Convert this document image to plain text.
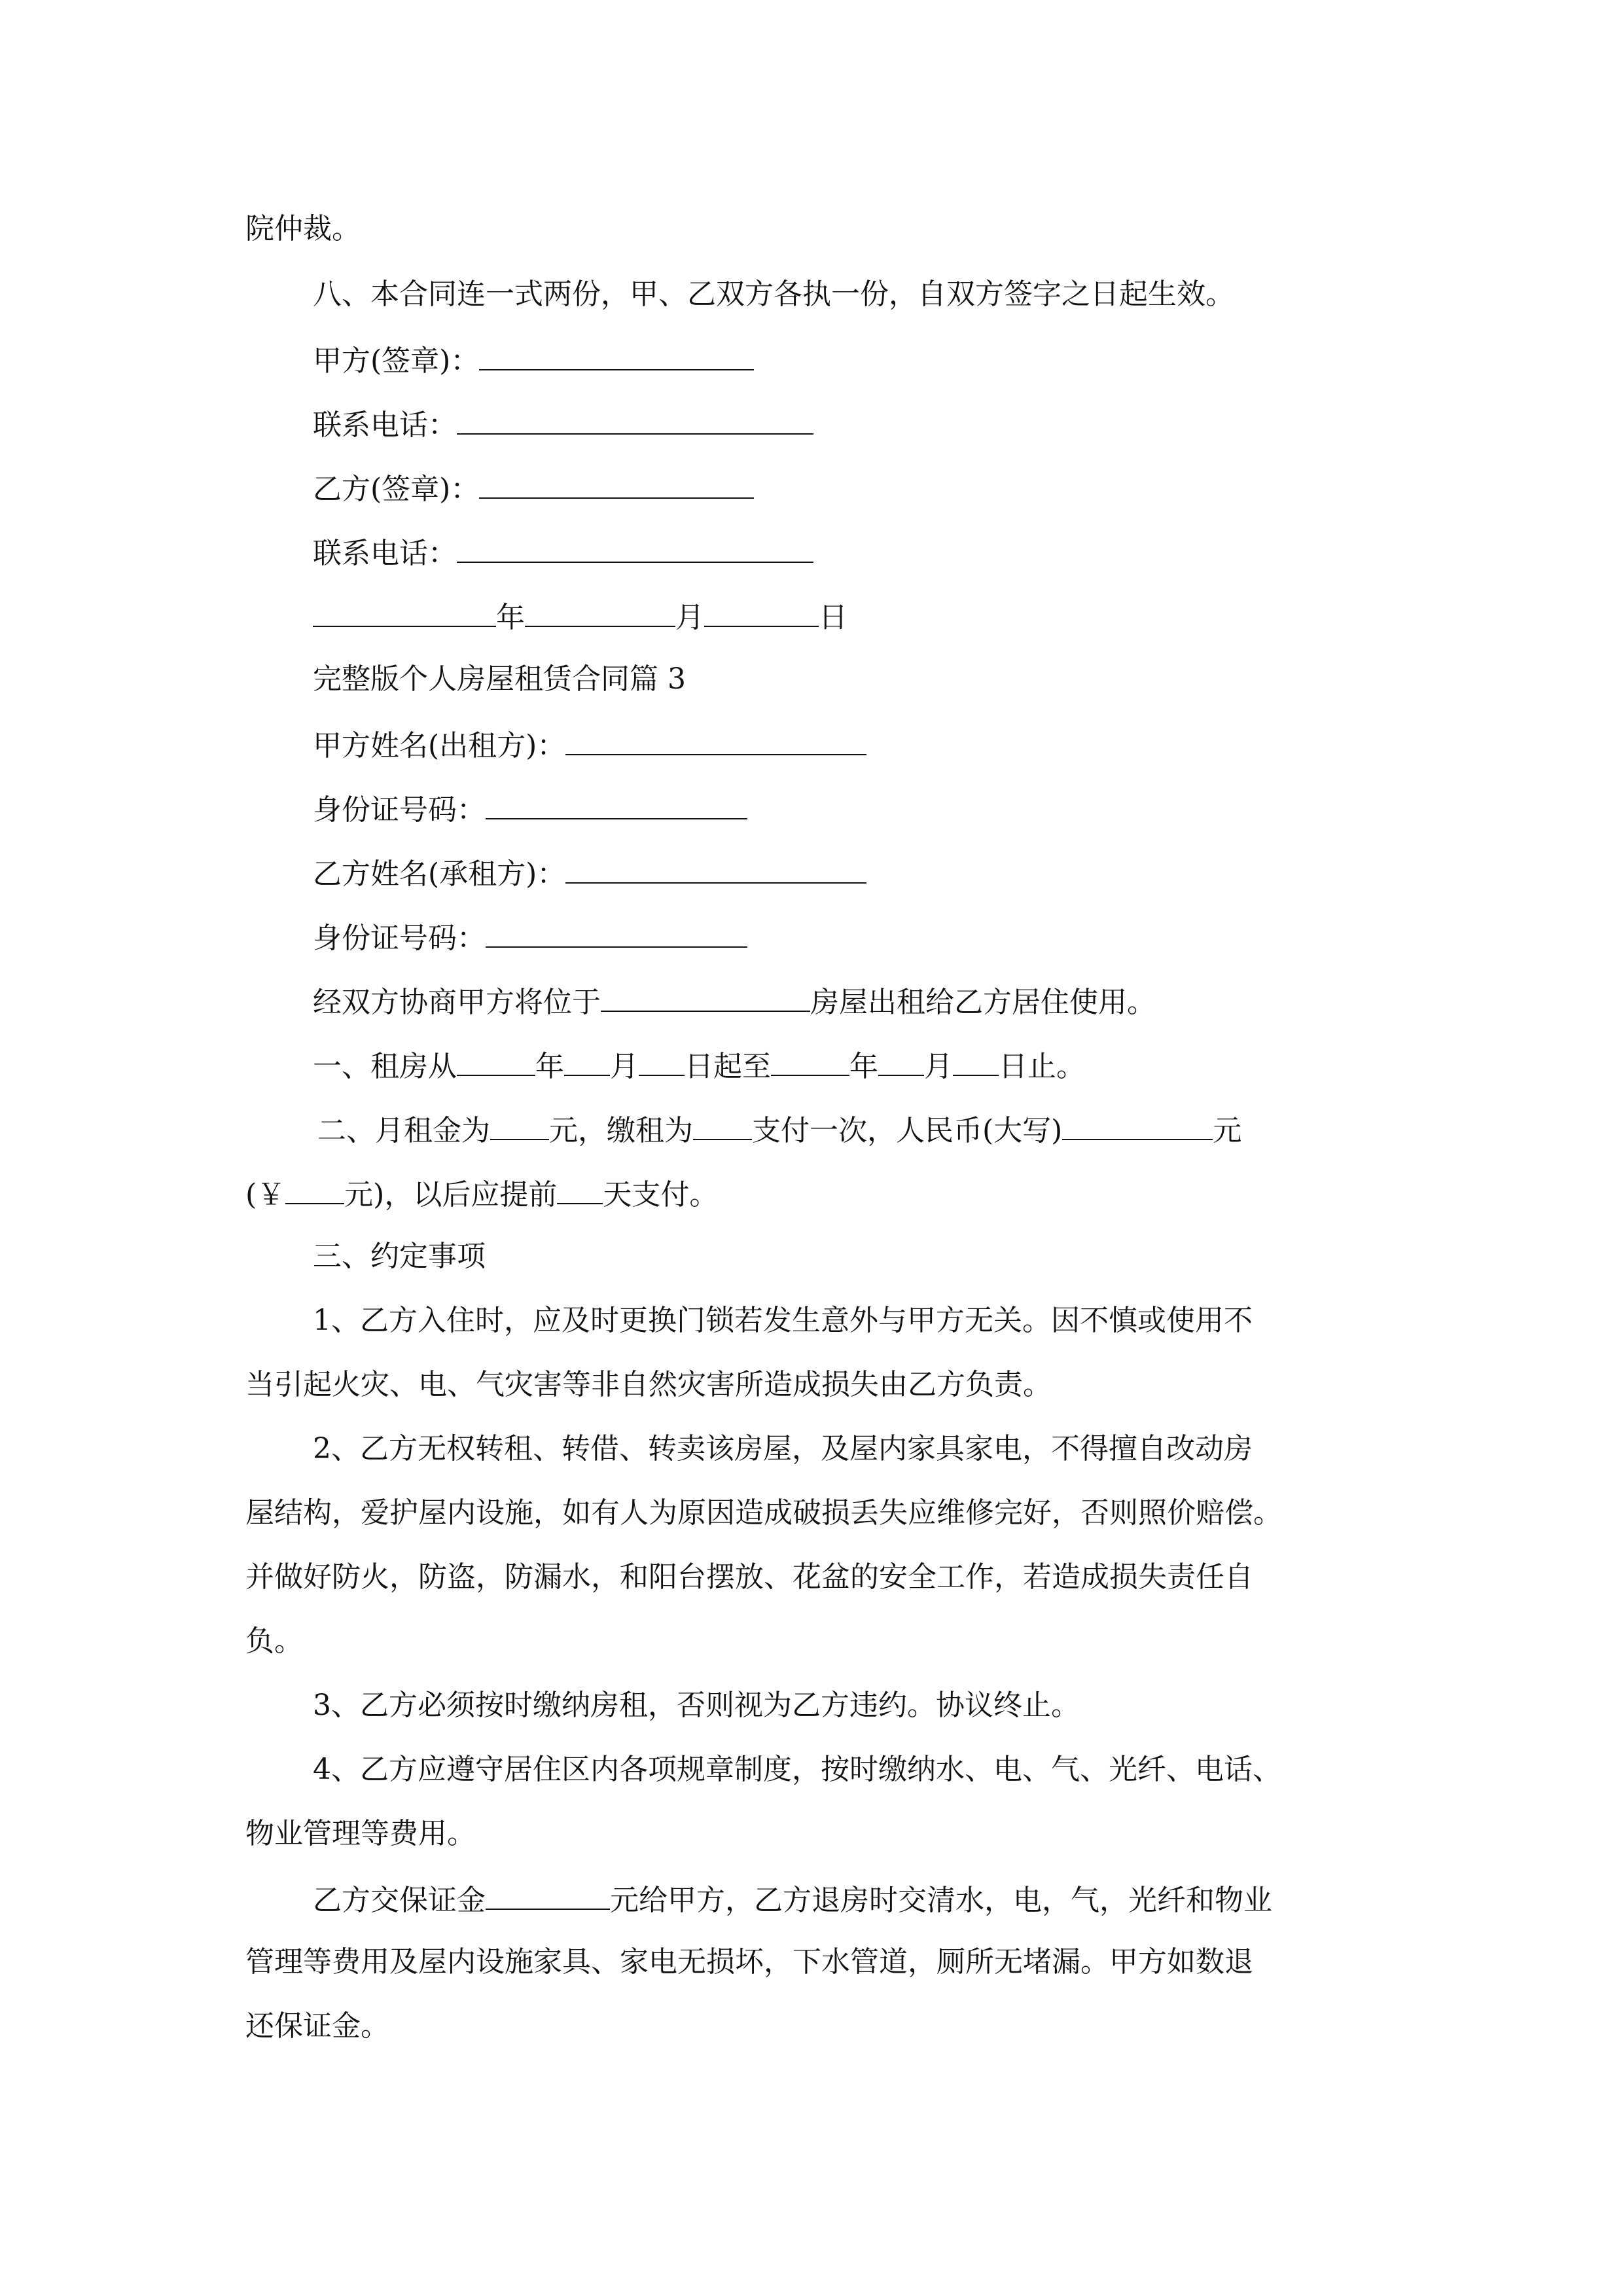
院仲裁。
八、本合同连一式两份，甲、乙双方各执一份，自双方签字之日起生效。
甲方(签章)：
联系电话：
乙方(签章)：
联系电话：
年	月	日
完整版个人房屋租赁合同篇 3
甲方姓名(出租方)：
身份证号码：
乙方姓名(承租方)：
身份证号码：
经双方协商甲方将位于	房屋出租给乙方居住使用。
一、租房从	年 月 日起至	年 月 日止。
二、月租金为 元，缴租为 支付一次，人民币(大写)	元
(￥ 元)，以后应提前 天支付。
三、约定事项
1、乙方入住时，应及时更换门锁若发生意外与甲方无关。因不慎或使用不
当引起火灾、电、气灾害等非自然灾害所造成损失由乙方负责。
2、乙方无权转租、转借、转卖该房屋，及屋内家具家电，不得擅自改动房
屋结构，爱护屋内设施，如有人为原因造成破损丢失应维修完好，否则照价赔偿。
并做好防火，防盗，防漏水，和阳台摆放、花盆的安全工作，若造成损失责任自
负。
3、乙方必须按时缴纳房租，否则视为乙方违约。协议终止。
4、乙方应遵守居住区内各项规章制度，按时缴纳水、电、气、光纤、电话、
物业管理等费用。
乙方交保证金	元给甲方，乙方退房时交清水，电，气，光纤和物业
管理等费用及屋内设施家具、家电无损坏，下水管道，厕所无堵漏。甲方如数退
还保证金。
